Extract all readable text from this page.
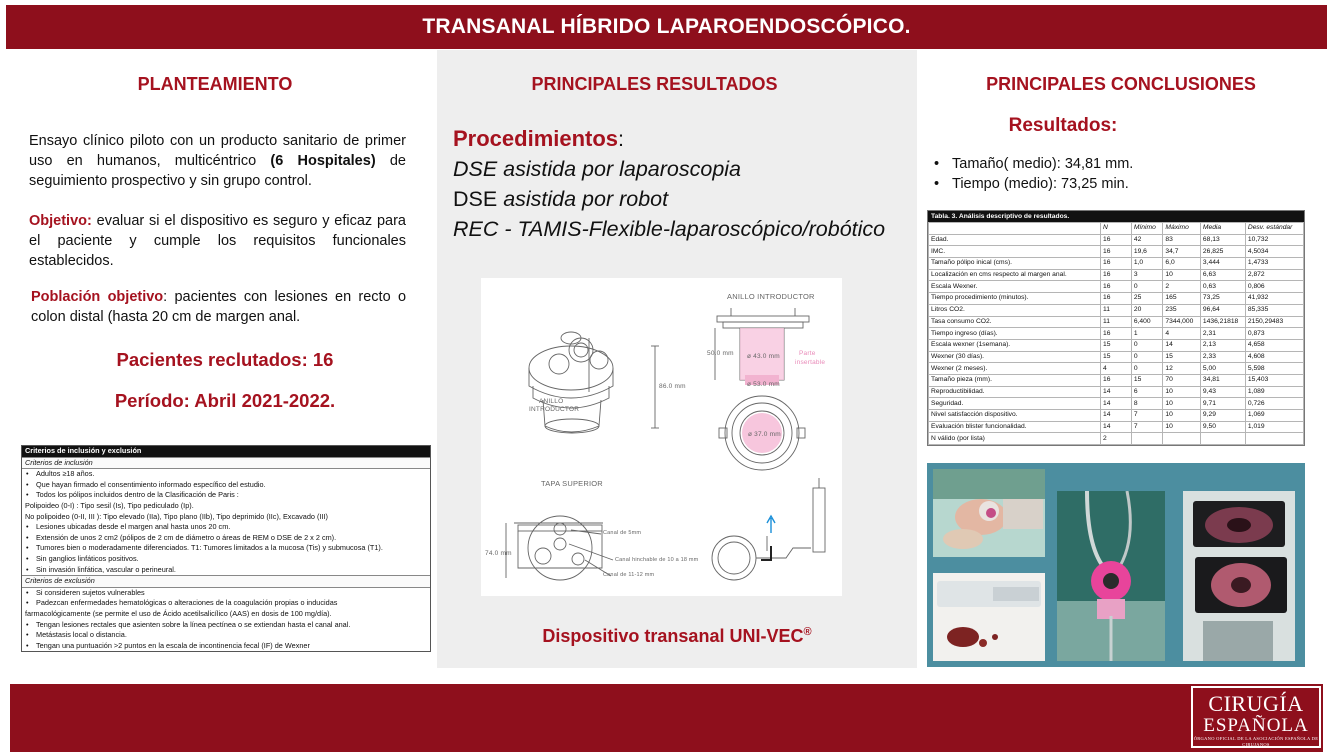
TRANSANAL HÍBRIDO LAPAROENDOSCÓPICO.
PLANTEAMIENTO	PRINCIPALES RESULTADOS	PRINCIPALES CONCLUSIONES
Ensayo clínico piloto con un producto sanitario de primer uso en humanos, multicéntrico (6 Hospitales) de seguimiento prospectivo y sin grupo control.
Objetivo: evaluar si el dispositivo es seguro y eficaz para el paciente y cumple los requisitos funcionales establecidos.
Población objetivo: pacientes con lesiones en recto o colon distal (hasta 20 cm de margen anal.
Pacientes reclutados: 16
Período: Abril 2021-2022.
Criterios de inclusión y exclusión
Criterios de inclusión
• Adultos ≥18 años.
• Que hayan firmado el consentimiento informado específico del estudio.
• Todos los pólipos incluidos dentro de la Clasificación de Paris :
Polipoideo (0-I) : Tipo sesil (Is), Tipo pediculado (Ip).
No polipoideo (0-II, III ): Tipo elevado (IIa), Tipo plano (IIb), Tipo deprimido (IIc), Excavado (III)
• Lesiones ubicadas desde el margen anal hasta unos 20 cm.
• Extensión de unos 2 cm2 (pólipos de 2 cm de diámetro o áreas de REM o DSE de 2 x 2 cm).
• Tumores bien o moderadamente diferenciados. T1: Tumores limitados a la mucosa (Tis) y submucosa (T1).
• Sin ganglios linfáticos positivos.
• Sin invasión linfática, vascular o perineural.
Criterios de exclusión
• Si consideren sujetos vulnerables
• Padezcan enfermedades hematológicas o alteraciones de la coagulación propias o inducidas
farmacológicamente (se permite el uso de Ácido acetilsalicílico (AAS) en dosis de 100 mg/día).
• Tengan lesiones rectales que asienten sobre la línea pectínea o se extiendan hasta el canal anal.
• Metástasis local o distancia.
• Tengan una puntuación >2 puntos en la escala de incontinencia fecal (IF) de Wexner
Procedimientos:
DSE asistida por laparoscopia
DSE asistida por robot
REC - TAMIS-Flexible-laparoscópico/robótico
ANILLO INTRODUCTOR
ANILLO
INTRODUCTOR
86.0 mm
50.0 mm ø 43.0 mm
ø 53.0 mm
ø 37.0 mm
Parte
insertable
TAPA SUPERIOR
74.0 mm
Canal de 5mm
Canal hinchable de 10 a 18 mm
Canal de 11-12 mm
Dispositivo transanal UNI-VEC®
Resultados:
• Tamaño( medio): 34,81 mm.
• Tiempo (medio): 73,25 min.
Tabla. 3. Análisis descriptivo de resultados.
	N	Mínimo	Máximo	Media	Desv. estándar
Edad.	16	42	83	68,13	10,732
IMC.	16	19,6	34,7	26,825	4,5034
Tamaño pólipo inical (cms).	16	1,0	6,0	3,444	1,4733
Localización en cms respecto al margen anal.	16	3	10	6,63	2,872
Escala Wexner.	16	0	2	0,63	0,806
Tiempo procedimiento (minutos).	16	25	165	73,25	41,932
Litros CO2.	11	20	235	96,64	85,335
Tasa consumo CO2.	11	6,400	7344,000	1436,21818	2150,29483
Tiempo ingreso (días).	16	1	4	2,31	0,873
Escala wexner (1semana).	15	0	14	2,13	4,658
Wexner (30 días).	15	0	15	2,33	4,608
Wexner (2 meses).	4	0	12	5,00	5,598
Tamaño pieza (mm).	16	15	70	34,81	15,403
Reproductibilidad.	14	6	10	9,43	1,089
Seguridad.	14	8	10	9,71	0,726
Nivel satisfacción dispositivo.	14	7	10	9,29	1,069
Evaluación blister funcionalidad.	14	7	10	9,50	1,019
N válido (por lista)	2				
CIRUGÍA
ESPAÑOLA
ÓRGANO OFICIAL DE LA ASOCIACIÓN ESPAÑOLA DE CIRUJANOS
